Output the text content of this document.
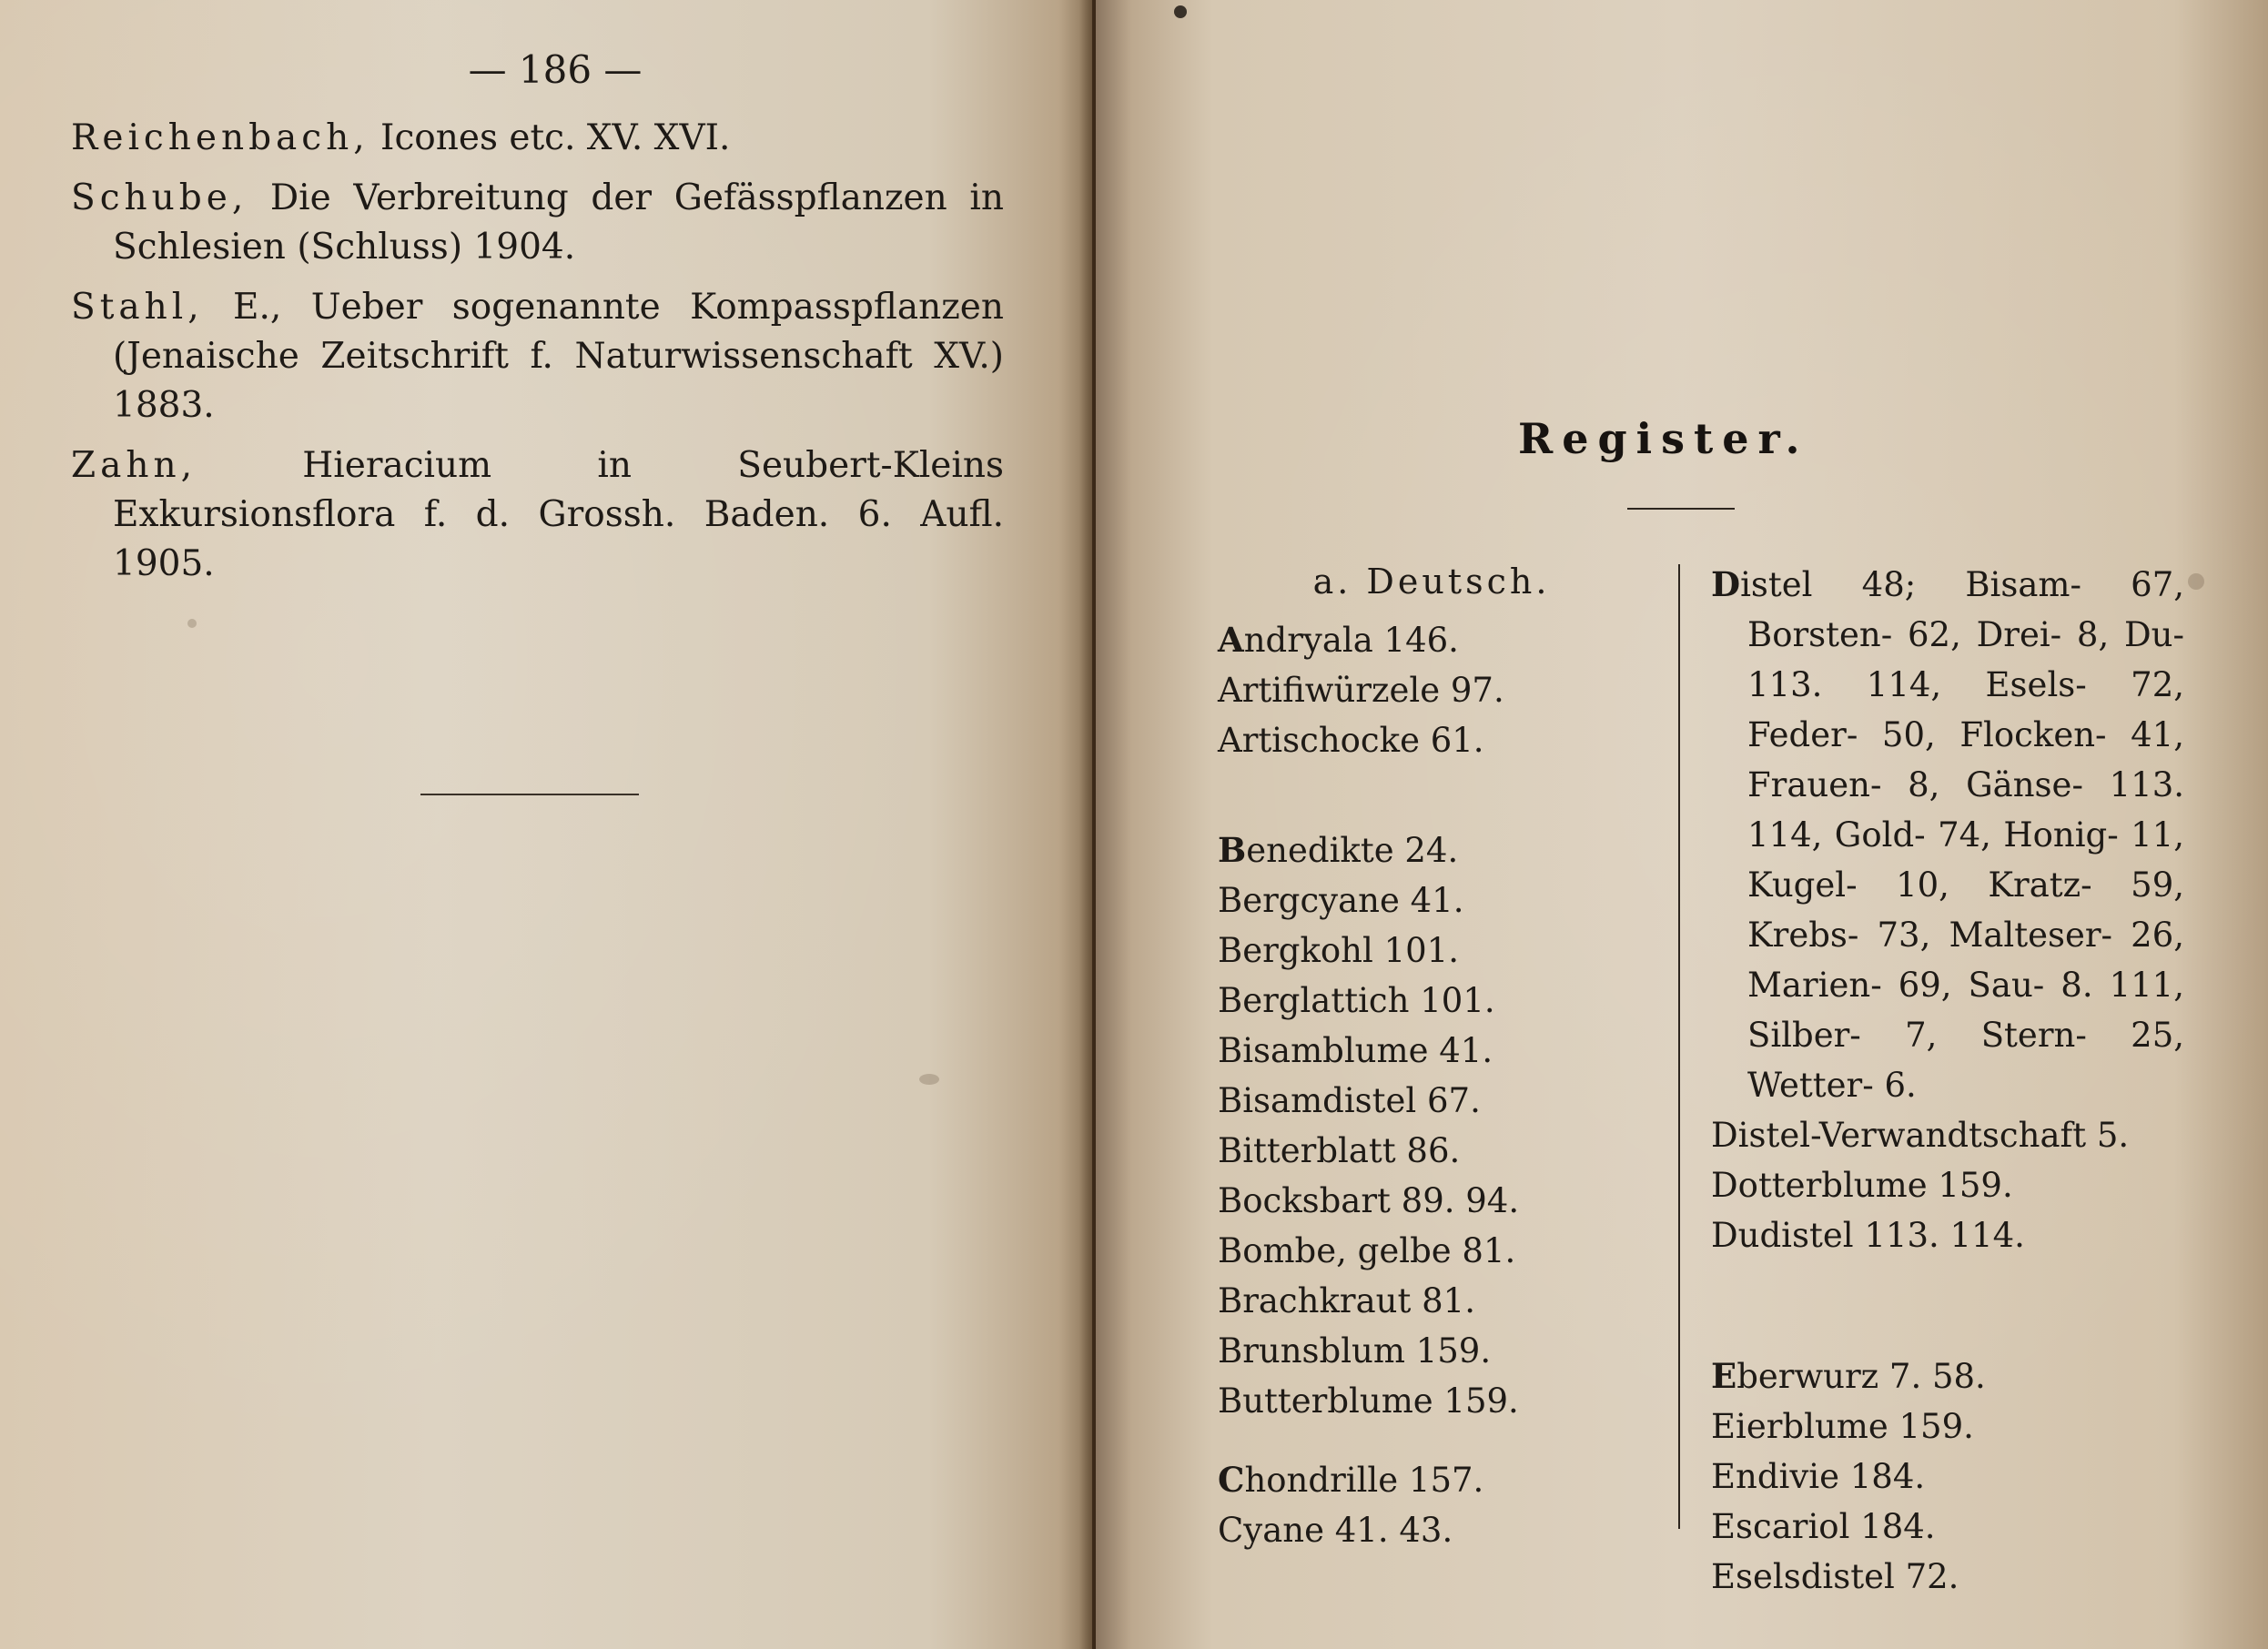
— 186 —

Reichenbach, Icones etc. XV. XVI.

Schube, Die Verbreitung der Gefässpflanzen in Schlesien (Schluss) 1904.

Stahl, E., Ueber sogenannte Kompasspflanzen (Jenaische Zeitschrift f. Naturwissenschaft XV.) 1883.

Zahn, Hieracium in Seubert-Kleins Exkursionsflora f. d. Grossh. Baden. 6. Aufl. 1905.

Register.
a. Deutsch.
Andryala 146.
Artifiwürzele 97.
Artischocke 61.
Benedikte 24.
Bergcyane 41.
Bergkohl 101.
Berglattich 101.
Bisamblume 41.
Bisamdistel 67.
Bitterblatt 86.
Bocksbart 89. 94.
Bombe, gelbe 81.
Brachkraut 81.
Brunsblum 159.
Butterblume 159.
Chondrille 157.
Cyane 41. 43.
Distel 48; Bisam- 67, Borsten- 62, Drei- 8, Du- 113. 114, Esels- 72, Feder- 50, Flocken- 41, Frauen- 8, Gänse- 113. 114, Gold- 74, Honig- 11, Kugel- 10, Kratz- 59, Krebs- 73, Malteser- 26, Marien- 69, Sau- 8. 111, Silber- 7, Stern- 25, Wetter- 6.
Distel-Verwandtschaft 5.
Dotterblume 159.
Dudistel 113. 114.
Eberwurz 7. 58.
Eierblume 159.
Endivie 184.
Escariol 184.
Eselsdistel 72.
